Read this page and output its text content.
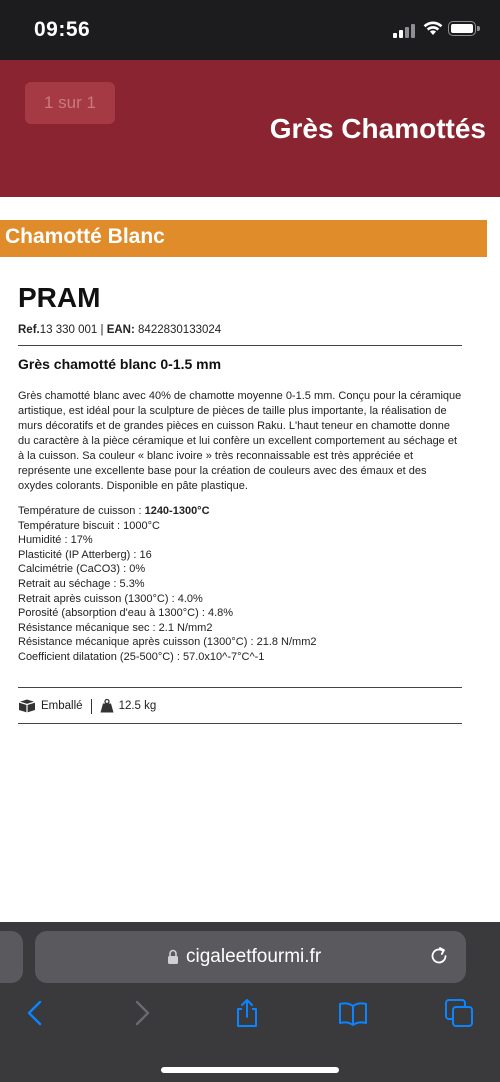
09:56
1 sur 1
Grès Chamottés
Chamotté Blanc
PRAM
Ref.13 330 001 | EAN: 8422830133024
Grès chamotté blanc 0-1.5 mm

Grès chamotté blanc avec 40% de chamotte moyenne 0-1.5 mm. Conçu pour la céramique artistique, est idéal pour la sculpture de pièces de taille plus importante, la réalisation de murs décoratifs et de grandes pièces en cuisson Raku. L'haut teneur en chamotte donne du caractère à la pièce céramique et lui confère un excellent comportement au séchage et à la cuisson. Sa couleur « blanc ivoire » très reconnaissable est très appréciée et représente une excellente base pour la création de couleurs avec des émaux et des oxydes colorants. Disponible en pâte plastique.

Température de cuisson : 1240-1300°C
Température biscuit : 1000°C
Humidité : 17%
Plasticité (IP Atterberg) : 16
Calcimétrie (CaCO3) : 0%
Retrait au séchage : 5.3%
Retrait après cuisson (1300°C) : 4.0%
Porosité (absorption d'eau à 1300°C) : 4.8%
Résistance mécanique sec : 2.1 N/mm2
Résistance mécanique après cuisson (1300°C) : 21.8 N/mm2
Coefficient dilatation (25-500°C) : 57.0x10^-7°C^-1
Emballé	12.5 kg
cigaleetfourmi.fr
